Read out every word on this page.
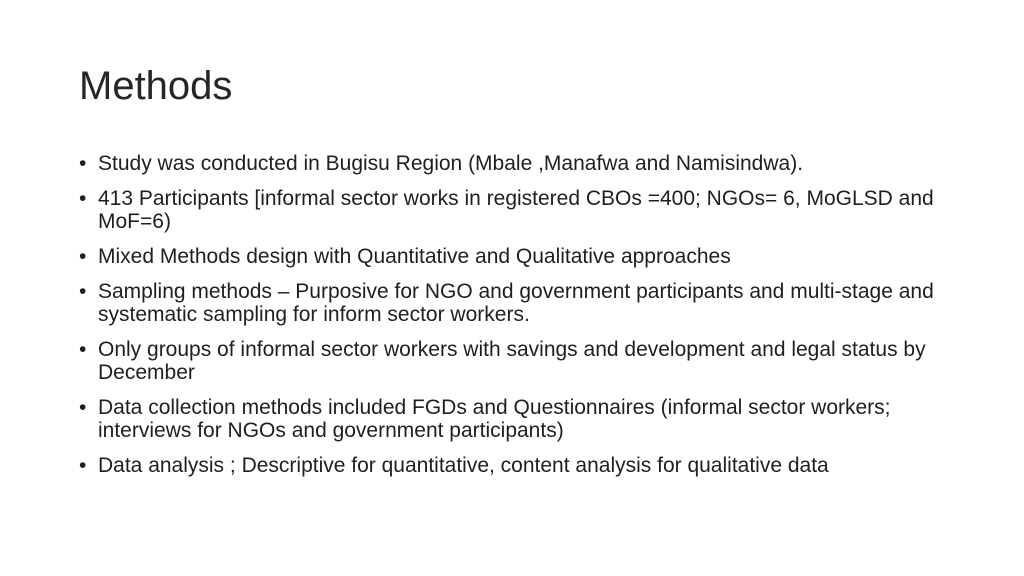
Methods
• Study was conducted in Bugisu Region (Mbale ,Manafwa and Namisindwa).
• 413 Participants [informal sector works in registered CBOs =400; NGOs= 6, MoGLSD and MoF=6)
• Mixed Methods design with Quantitative and Qualitative approaches
• Sampling methods – Purposive for NGO and government participants and multi-stage and systematic sampling for inform sector workers.
• Only groups of informal sector workers with savings and development and legal status by December
• Data collection methods included FGDs and Questionnaires (informal sector workers; interviews for NGOs and government participants)
• Data analysis ; Descriptive for quantitative, content analysis for qualitative data
